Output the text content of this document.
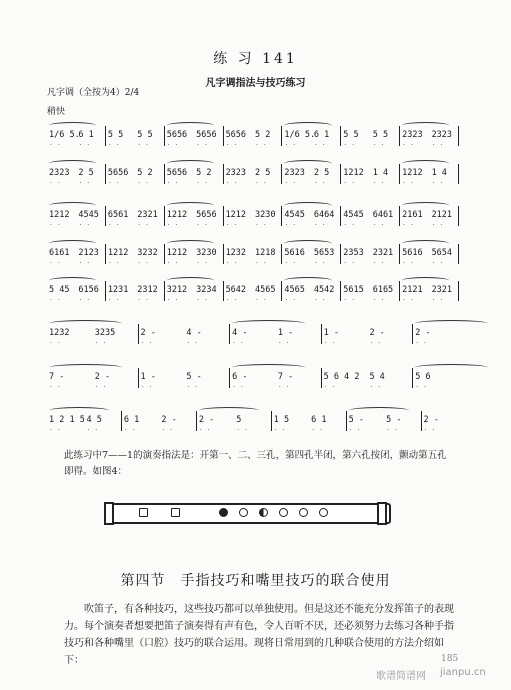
练 习 141
凡字调指法与技巧练习
凡字调（全按为4）2/4
稍快
1/6 5.
· ·
6 1
· ·
5 5
· ·
5 5
· ·
5656
· ·
5656
· ·
5656
· ·
5 2
· ·
1/6 5.
· ·
6 1
· ·
5 5
· ·
5 5
· ·
2323
· ·
2323
· ·
2323
· ·
2 5
· ·
5656
· ·
5 2
· ·
5656
· ·
5 2
· ·
2323
· ·
2 5
· ·
2323
· ·
2 5
· ·
1212
· ·
1 4
· ·
1212
· ·
1 4
· ·
1212
· ·
4545
· ·
6561
· ·
2321
· ·
1212
· ·
5656
· ·
1212
· ·
3230
· ·
4545
· ·
6464
· ·
4545
· ·
6461
· ·
2161
· ·
2121
· ·
6161
· ·
2123
· ·
1212
· ·
3232
· ·
1212
· ·
3230
· ·
1232
· ·
1218
· ·
5616
· ·
5653
· ·
2353
· ·
2321
· ·
5616
· ·
5654
· ·
5 45
· ·
6156
· ·
1231
· ·
2312
· ·
3212
· ·
3234
· ·
5642
· ·
4565
· ·
4565
· ·
4542
· ·
5615
· ·
6165
· ·
2121
· ·
2321
· ·
1232
· ·
3235
· ·
2 -
· ·
4 -
· ·
4 -
· ·
1 -
· ·
1 -
· ·
2 -
· ·
2 -
· ·
7 -
· ·
2 -
· ·
1 -
· ·
5 -
· ·
6 -
· ·
7 -
· ·
5 6 4 2
· ·
5 4
· ·
5 6
· ·
1 2 1 5
· ·
4 5
· ·
6 1
· ·
2 -
· ·
2 -
· ·
5
· ·
1 5
· ·
6 1
· ·
5 -
· ·
5 -
· ·
2 -
· ·
此练习中7——1的演奏指法是：开第一、二、三孔，第四孔半闭，第六孔按闭，颤动第五孔即得。如图4：
第四节　手指技巧和嘴里技巧的联合使用
吹笛子，有各种技巧，这些技巧都可以单独使用。但是这还不能充分发挥笛子的表现力。每个演奏者想要把笛子演奏得有声有色，令人百听不厌，还必须努力去练习各种手指技巧和各种嘴里（口腔）技巧的联合运用。现将日常用到的几种联合使用的方法介绍如下：	185
歌谱简谱网 jianpu.cn
